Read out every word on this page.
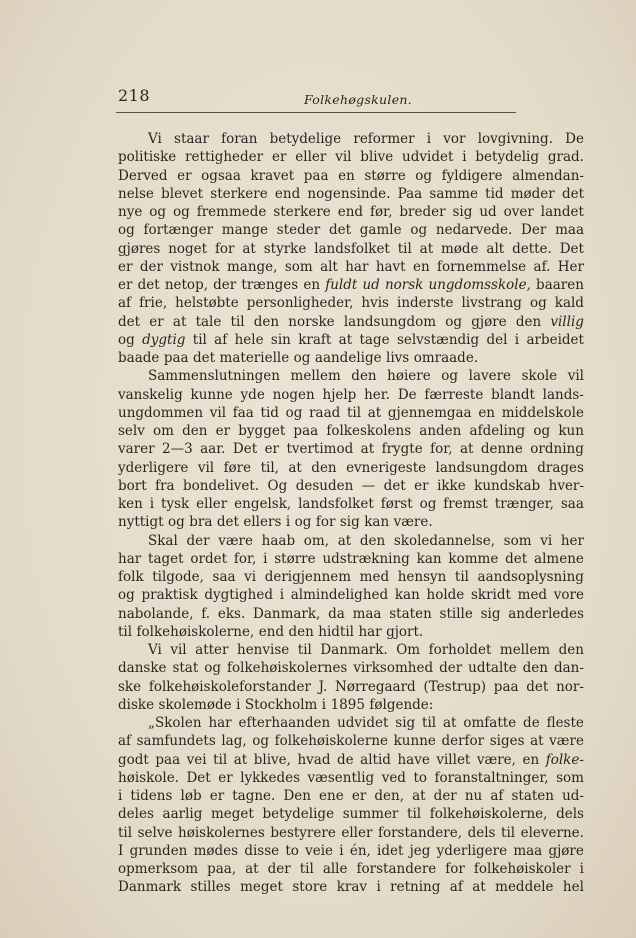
218	Folkehøgskulen.
Vi staar foran betydelige reformer i vor lovgivning. De
politiske rettigheder er eller vil blive udvidet i betydelig grad.
Derved er ogsaa kravet paa en større og fyldigere almendan-
nelse blevet sterkere end nogensinde. Paa samme tid møder det
nye og og fremmede sterkere end før, breder sig ud over landet
og fortænger mange steder det gamle og nedarvede. Der maa
gjøres noget for at styrke landsfolket til at møde alt dette. Det
er der vistnok mange, som alt har havt en fornemmelse af. Her
er det netop, der trænges en fuldt ud norsk ungdomsskole, baaren
af frie, helstøbte personligheder, hvis inderste livstrang og kald
det er at tale til den norske landsungdom og gjøre den villig
og dygtig til af hele sin kraft at tage selvstændig del i arbeidet
baade paa det materielle og aandelige livs omraade.
Sammenslutningen mellem den høiere og lavere skole vil
vanskelig kunne yde nogen hjelp her. De færreste blandt lands-
ungdommen vil faa tid og raad til at gjennemgaa en middelskole
selv om den er bygget paa folkeskolens anden afdeling og kun
varer 2—3 aar. Det er tvertimod at frygte for, at denne ordning
yderligere vil føre til, at den evnerigeste landsungdom drages
bort fra bondelivet. Og desuden — det er ikke kundskab hver-
ken i tysk eller engelsk, landsfolket først og fremst trænger, saa
nyttigt og bra det ellers i og for sig kan være.
Skal der være haab om, at den skoledannelse, som vi her
har taget ordet for, i større udstrækning kan komme det almene
folk tilgode, saa vi derigjennem med hensyn til aandsoplysning
og praktisk dygtighed i almindelighed kan holde skridt med vore
nabolande, f. eks. Danmark, da maa staten stille sig anderledes
til folkehøiskolerne, end den hidtil har gjort.
Vi vil atter henvise til Danmark. Om forholdet mellem den
danske stat og folkehøiskolernes virksomhed der udtalte den dan-
ske folkehøiskoleforstander J. Nørregaard (Testrup) paa det nor-
diske skolemøde i Stockholm i 1895 følgende:
„Skolen har efterhaanden udvidet sig til at omfatte de fleste
af samfundets lag, og folkehøiskolerne kunne derfor siges at være
godt paa vei til at blive, hvad de altid have villet være, en folke-
høiskole. Det er lykkedes væsentlig ved to foranstaltninger, som
i tidens løb er tagne. Den ene er den, at der nu af staten ud-
deles aarlig meget betydelige summer til folkehøiskolerne, dels
til selve høiskolernes bestyrere eller forstandere, dels til eleverne.
I grunden mødes disse to veie i én, idet jeg yderligere maa gjøre
opmerksom paa, at der til alle forstandere for folkehøiskoler i
Danmark stilles meget store krav i retning af at meddele hel
